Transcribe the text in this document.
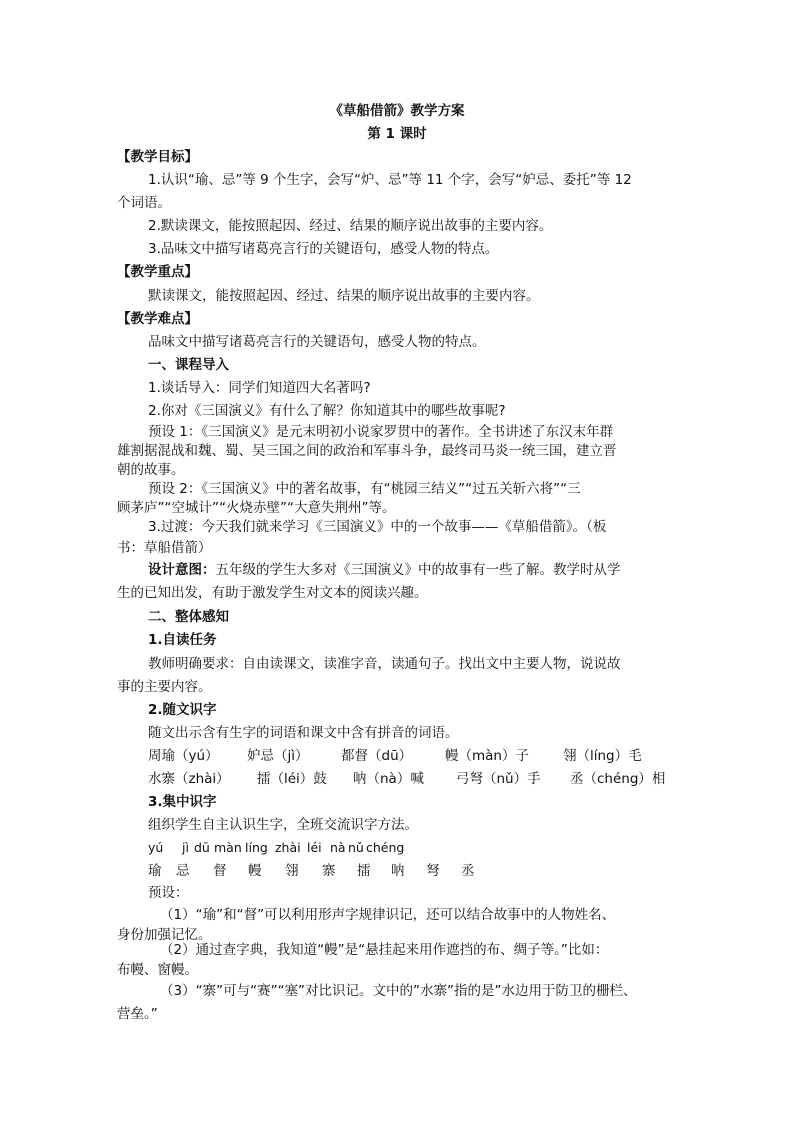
《草船借箭》教学方案
第 1 课时
【教学目标】
1.认识“瑜、忌”等 9 个生字，会写“炉、忌”等 11 个字，会写“妒忌、委托”等 12
个词语。
2.默读课文，能按照起因、经过、结果的顺序说出故事的主要内容。
3.品味文中描写诸葛亮言行的关键语句，感受人物的特点。
【教学重点】
默读课文，能按照起因、经过、结果的顺序说出故事的主要内容。
【教学难点】
品味文中描写诸葛亮言行的关键语句，感受人物的特点。
一、课程导入
1.谈话导入：同学们知道四大名著吗?
2.你对《三国演义》有什么了解？你知道其中的哪些故事呢?
预设 1：《三国演义》是元末明初小说家罗贯中的著作。全书讲述了东汉末年群
雄割据混战和魏、蜀、吴三国之间的政治和军事斗争，最终司马炎一统三国，建立晋
朝的故事。
预设 2：《三国演义》中的著名故事，有“桃园三结义”“过五关斩六将”“三
顾茅庐”“空城计”“火烧赤壁”“大意失荆州”等。
3.过渡：今天我们就来学习《三国演义》中的一个故事——《草船借箭》。（板
书：草船借箭）
设计意图：五年级的学生大多对《三国演义》中的故事有一些了解。教学时从学
生的已知出发，有助于激发学生对文本的阅读兴趣。
二、整体感知
1.自读任务
教师明确要求：自由读课文，读准字音，读通句子。找出文中主要人物，说说故
事的主要内容。
2.随文识字
随文出示含有生字的词语和课文中含有拼音的词语。
周瑜（yú） 妒忌（jì） 都督（dū） 幔（màn）子	翎（líng）毛
水寨（zhài） 擂（léi）鼓 呐（nà）喊 弓弩（nǔ）手 丞（chéng）相
3.集中识字
组织学生自主认识生字，全班交流识字方法。
yú jì dū màn líng zhài léi nà nǔ chéng
瑜 忌 督 幔 翎 寨 擂 呐 弩 丞
预设：
（1）“瑜”和“督”可以利用形声字规律识记，还可以结合故事中的人物姓名、
身份加强记忆。
（2）通过查字典，我知道“幔”是“悬挂起来用作遮挡的布、绸子等。”比如：
布幔、窗幔。
（3）“寨”可与“赛”“塞”对比识记。文中的”水寨”指的是”水边用于防卫的栅栏、
营垒。”
